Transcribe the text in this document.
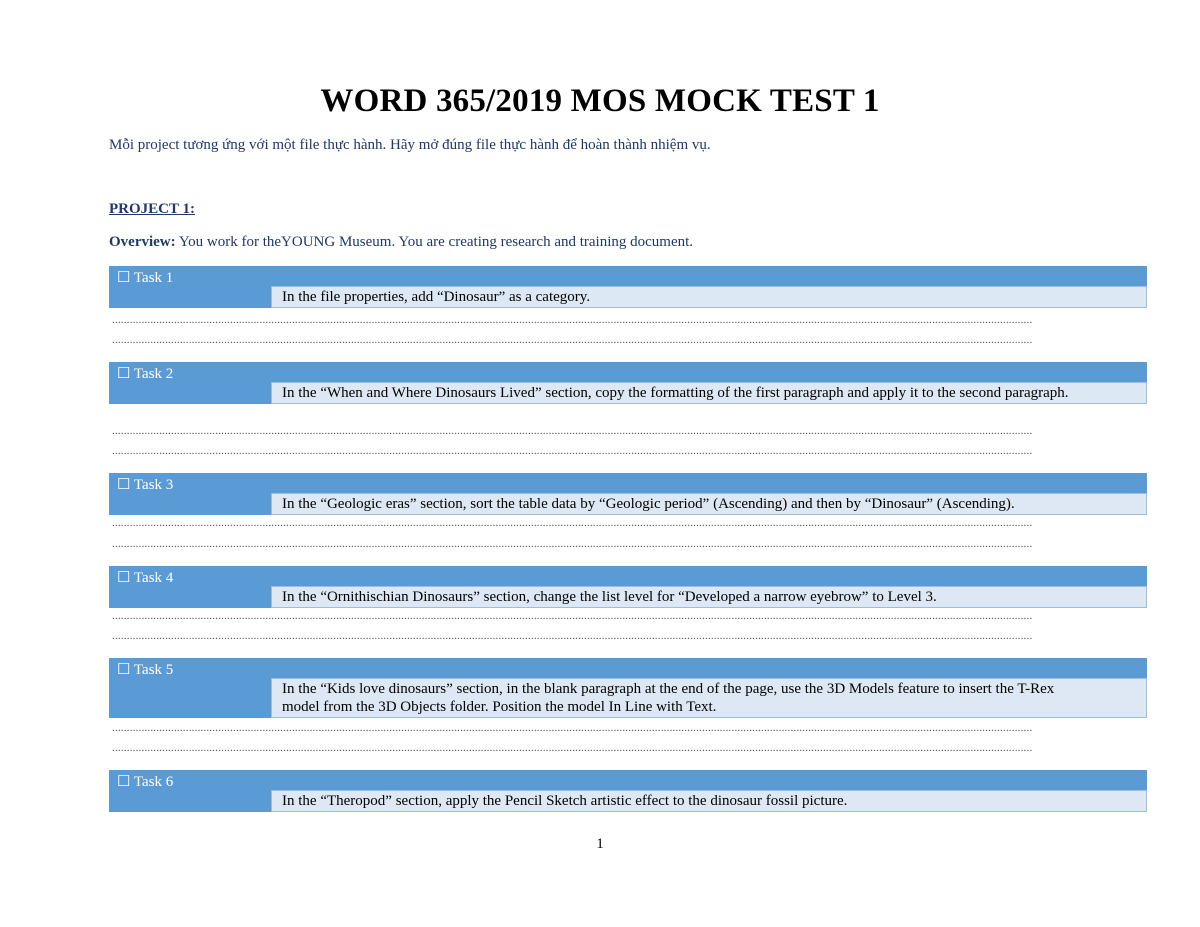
WORD 365/2019 MOS MOCK TEST 1
Mỗi project tương ứng với một file thực hành. Hãy mở đúng file thực hành để hoàn thành nhiệm vụ.
PROJECT 1:
Overview: You work for theYOUNG Museum. You are creating research and training document.
☐ Task 1
In the file properties, add “Dinosaur” as a category.
........................................................................................................................................................................................................................................................................................................................
........................................................................................................................................................................................................................................................................................................................
☐ Task 2
In the “When and Where Dinosaurs Lived” section, copy the formatting of the first paragraph and apply it to the second paragraph.
........................................................................................................................................................................................................................................................................................................................
........................................................................................................................................................................................................................................................................................................................
☐ Task 3
In the “Geologic eras” section, sort the table data by “Geologic period” (Ascending) and then by “Dinosaur” (Ascending).
........................................................................................................................................................................................................................................................................................................................
........................................................................................................................................................................................................................................................................................................................
☐ Task 4
In the “Ornithischian Dinosaurs” section, change the list level for “Developed a narrow eyebrow” to Level 3.
........................................................................................................................................................................................................................................................................................................................
........................................................................................................................................................................................................................................................................................................................
☐ Task 5
In the “Kids love dinosaurs” section, in the blank paragraph at the end of the page, use the 3D Models feature to insert the T-Rex model from the 3D Objects folder. Position the model In Line with Text.
........................................................................................................................................................................................................................................................................................................................
........................................................................................................................................................................................................................................................................................................................
☐ Task 6
In the “Theropod” section, apply the Pencil Sketch artistic effect to the dinosaur fossil picture.
1
